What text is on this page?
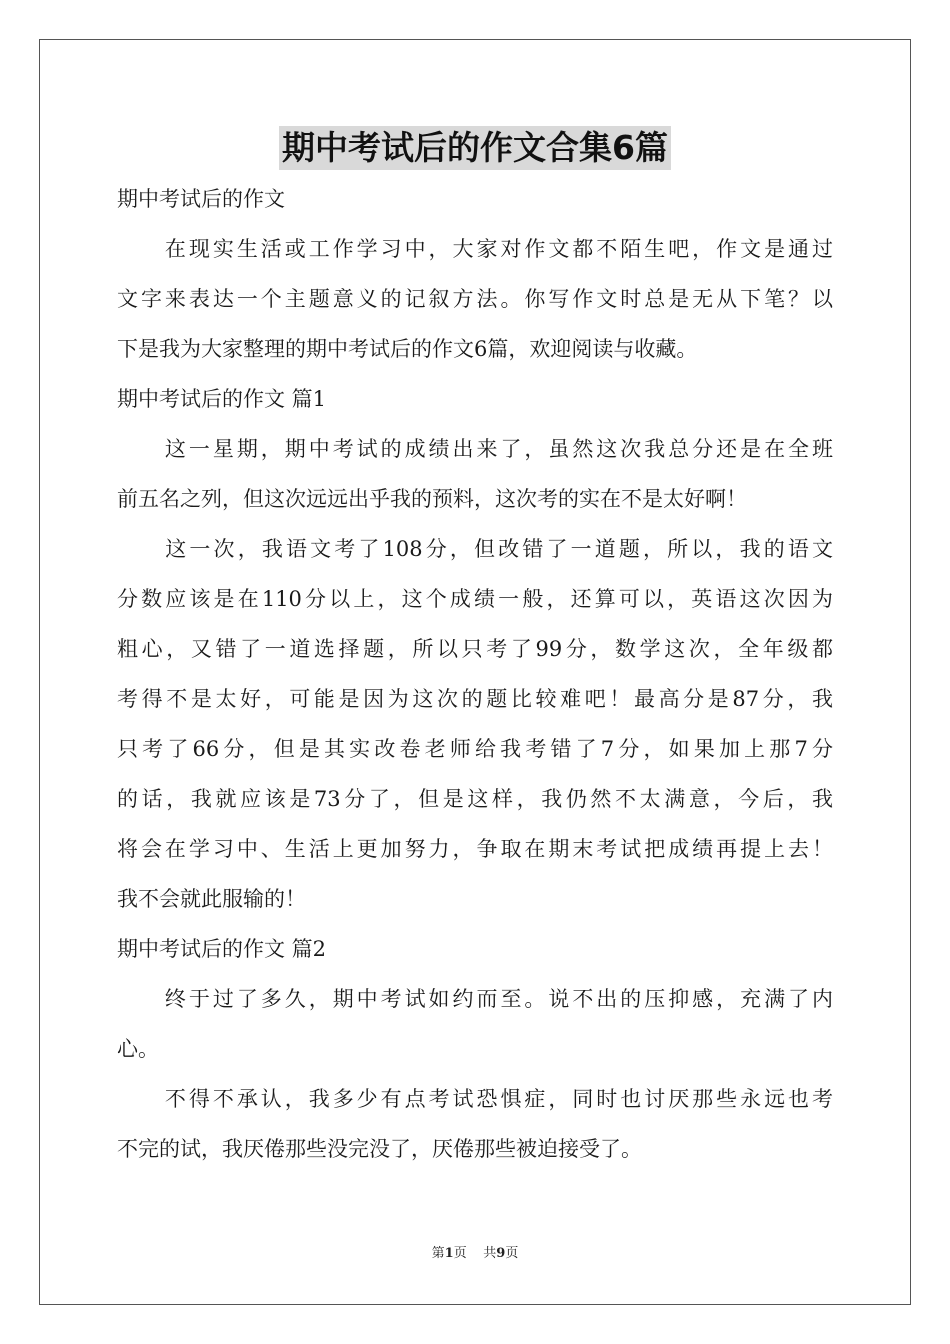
期中考试后的作文合集6篇
期中考试后的作文
　　在现实生活或工作学习中，大家对作文都不陌生吧，作文是通过
文字来表达一个主题意义的记叙方法。你写作文时总是无从下笔？以
下是我为大家整理的期中考试后的作文6篇，欢迎阅读与收藏。
期中考试后的作文 篇1
　　这一星期，期中考试的成绩出来了，虽然这次我总分还是在全班
前五名之列，但这次远远出乎我的预料，这次考的实在不是太好啊！
　　这一次，我语文考了108分，但改错了一道题，所以，我的语文
分数应该是在110分以上，这个成绩一般，还算可以，英语这次因为
粗心，又错了一道选择题，所以只考了99分，数学这次，全年级都
考得不是太好，可能是因为这次的题比较难吧！最高分是87分，我
只考了66分，但是其实改卷老师给我考错了7分，如果加上那7分
的话，我就应该是73分了，但是这样，我仍然不太满意，今后，我
将会在学习中、生活上更加努力，争取在期末考试把成绩再提上去！
我不会就此服输的！
期中考试后的作文 篇2
　　终于过了多久，期中考试如约而至。说不出的压抑感，充满了内
心。
　　不得不承认，我多少有点考试恐惧症，同时也讨厌那些永远也考
不完的试，我厌倦那些没完没了，厌倦那些被迫接受了。
第1页 共9页
